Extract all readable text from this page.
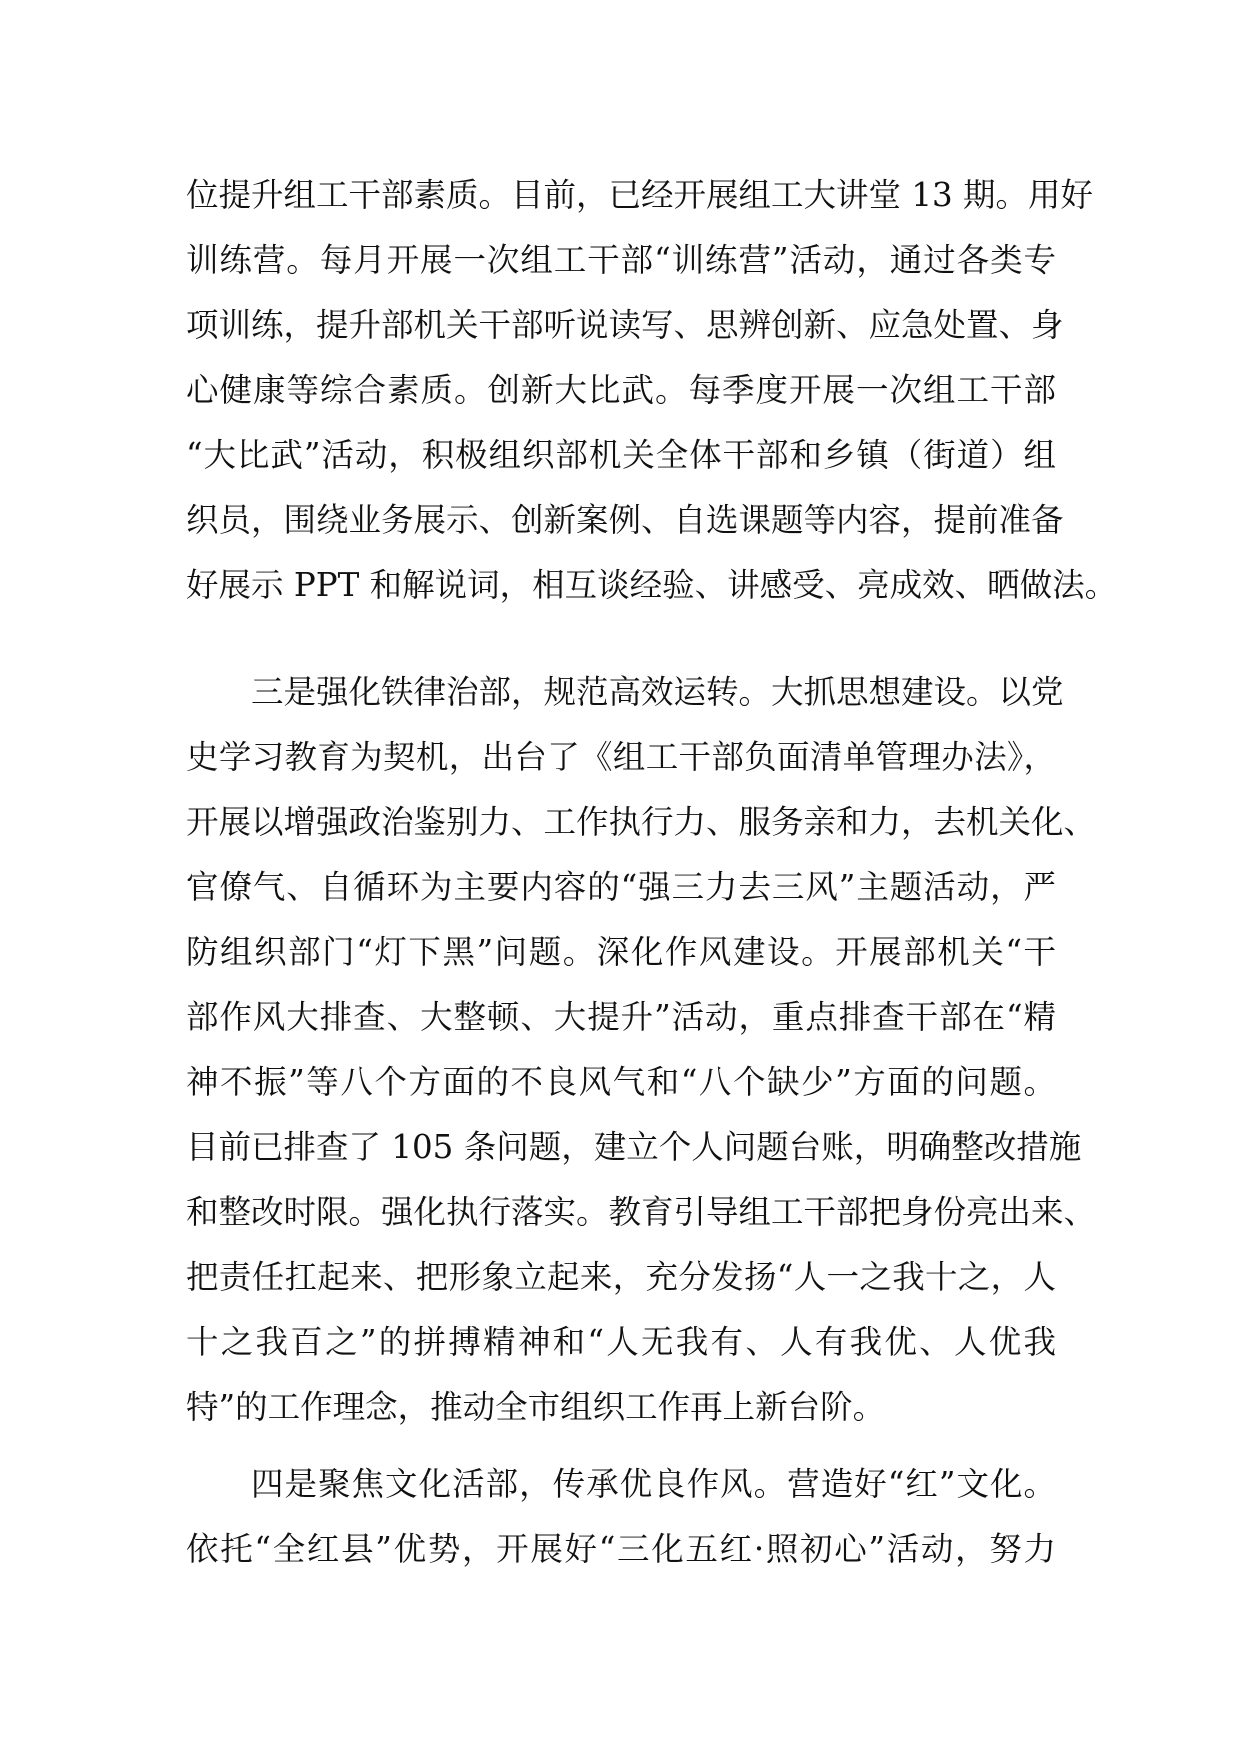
位提升组工干部素质。目前，已经开展组工大讲堂 13 期。用好
训练营。每月开展一次组工干部“训练营”活动，通过各类专
项训练，提升部机关干部听说读写、思辨创新、应急处置、身
心健康等综合素质。创新大比武。每季度开展一次组工干部
“大比武”活动，积极组织部机关全体干部和乡镇（街道）组
织员，围绕业务展示、创新案例、自选课题等内容，提前准备
好展示 PPT 和解说词，相互谈经验、讲感受、亮成效、晒做法。
三是强化铁律治部，规范高效运转。大抓思想建设。以党
史学习教育为契机，出台了《组工干部负面清单管理办法》，
开展以增强政治鉴别力、工作执行力、服务亲和力，去机关化、
官僚气、自循环为主要内容的“强三力去三风”主题活动，严
防组织部门“灯下黑”问题。深化作风建设。开展部机关“干
部作风大排查、大整顿、大提升”活动，重点排查干部在“精
神不振”等八个方面的不良风气和“八个缺少”方面的问题。
目前已排查了 105 条问题，建立个人问题台账，明确整改措施
和整改时限。强化执行落实。教育引导组工干部把身份亮出来、
把责任扛起来、把形象立起来，充分发扬“人一之我十之，人
十之我百之”的拼搏精神和“人无我有、人有我优、人优我
特”的工作理念，推动全市组织工作再上新台阶。
四是聚焦文化活部，传承优良作风。营造好“红”文化。
依托“全红县”优势，开展好“三化五红·照初心”活动，努力
